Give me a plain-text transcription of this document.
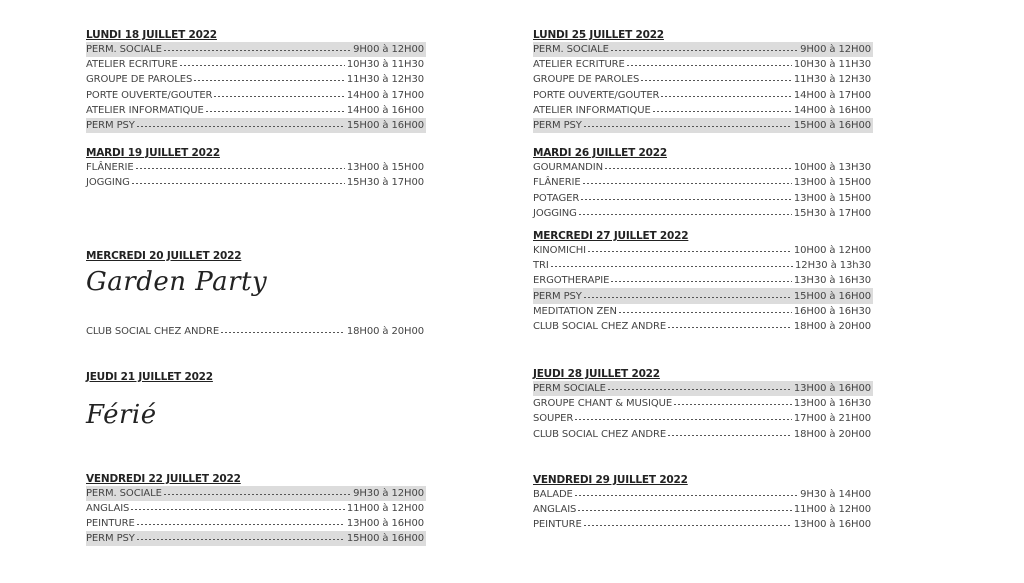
LUNDI 18 JUILLET 2022
PERM. SOCIALE	9H00 à 12H00
ATELIER ECRITURE	10H30 à 11H30
GROUPE DE PAROLES	11H30 à 12H30
PORTE OUVERTE/GOUTER	14H00 à 17H00
ATELIER INFORMATIQUE	14H00 à 16H00
PERM PSY	15H00 à 16H00
MARDI 19 JUILLET 2022
FLÂNERIE	13H00 à 15H00
JOGGING	15H30 à 17H00
MERCREDI 20 JUILLET 2022
Garden Party
CLUB SOCIAL CHEZ ANDRE	18H00 à 20H00
JEUDI 21 JUILLET 2022
Férié
VENDREDI 22 JUILLET 2022
PERM. SOCIALE	9H30 à 12H00
ANGLAIS	11H00 à 12H00
PEINTURE	13H00 à 16H00
PERM PSY	15H00 à 16H00
LUNDI 25 JUILLET 2022
PERM. SOCIALE	9H00 à 12H00
ATELIER ECRITURE	10H30 à 11H30
GROUPE DE PAROLES	11H30 à 12H30
PORTE OUVERTE/GOUTER	14H00 à 17H00
ATELIER INFORMATIQUE	14H00 à 16H00
PERM PSY	15H00 à 16H00
MARDI 26 JUILLET 2022
GOURMANDIN	10H00 à 13H30
FLÂNERIE	13H00 à 15H00
POTAGER	13H00 à 15H00
JOGGING	15H30 à 17H00
MERCREDI 27 JUILLET 2022
KINOMICHI	10H00 à 12H00
TRI	12H30 à 13h30
ERGOTHERAPIE	13H30 à 16H30
PERM PSY	15H00 à 16H00
MEDITATION ZEN	16H00 à 16H30
CLUB SOCIAL CHEZ ANDRE	18H00 à 20H00
JEUDI 28 JUILLET 2022
PERM SOCIALE	13H00 à 16H00
GROUPE CHANT & MUSIQUE	13H00 à 16H30
SOUPER	17H00 à 21H00
CLUB SOCIAL CHEZ ANDRE	18H00 à 20H00
VENDREDI 29 JUILLET 2022
BALADE	9H30 à 14H00
ANGLAIS	11H00 à 12H00
PEINTURE	13H00 à 16H00
